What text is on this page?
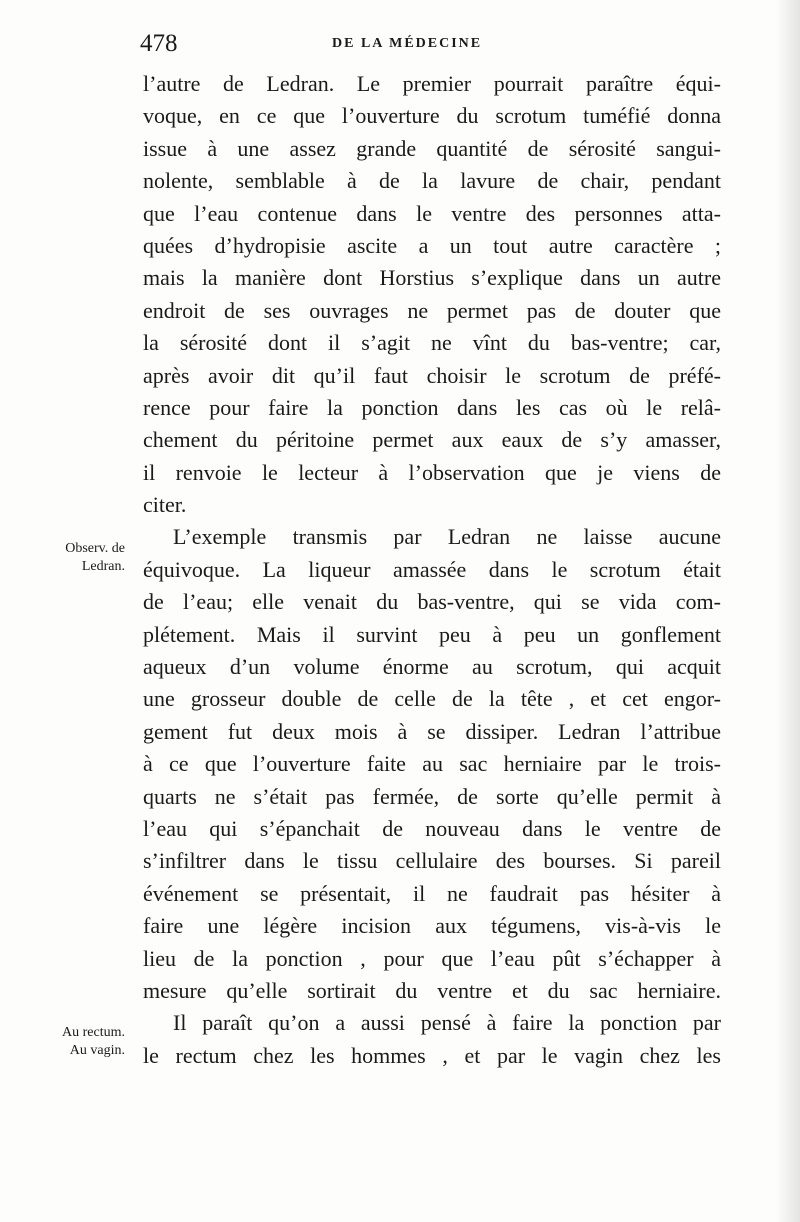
478	DE LA MÉDECINE
l’autre de Ledran. Le premier pourrait paraître équi-
voque, en ce que l’ouverture du scrotum tuméfié donna
issue à une assez grande quantité de sérosité sangui-
nolente, semblable à de la lavure de chair, pendant
que l’eau contenue dans le ventre des personnes atta-
quées d’hydropisie ascite a un tout autre caractère ;
mais la manière dont Horstius s’explique dans un autre
endroit de ses ouvrages ne permet pas de douter que
la sérosité dont il s’agit ne vînt du bas-ventre; car,
après avoir dit qu’il faut choisir le scrotum de préfé-
rence pour faire la ponction dans les cas où le relâ-
chement du péritoine permet aux eaux de s’y amasser,
il renvoie le lecteur à l’observation que je viens de
citer.
L’exemple transmis par Ledran ne laisse aucune
équivoque. La liqueur amassée dans le scrotum était
de l’eau; elle venait du bas-ventre, qui se vida com-
plétement. Mais il survint peu à peu un gonflement
aqueux d’un volume énorme au scrotum, qui acquit
une grosseur double de celle de la tête , et cet engor-
gement fut deux mois à se dissiper. Ledran l’attribue
à ce que l’ouverture faite au sac herniaire par le trois-
quarts ne s’était pas fermée, de sorte qu’elle permit à
l’eau qui s’épanchait de nouveau dans le ventre de
s’infiltrer dans le tissu cellulaire des bourses. Si pareil
événement se présentait, il ne faudrait pas hésiter à
faire une légère incision aux tégumens, vis-à-vis le
lieu de la ponction , pour que l’eau pût s’échapper à
mesure qu’elle sortirait du ventre et du sac herniaire.
Il paraît qu’on a aussi pensé à faire la ponction par
le rectum chez les hommes , et par le vagin chez les
Observ. de
Ledran.
Au rectum.
Au vagin.
